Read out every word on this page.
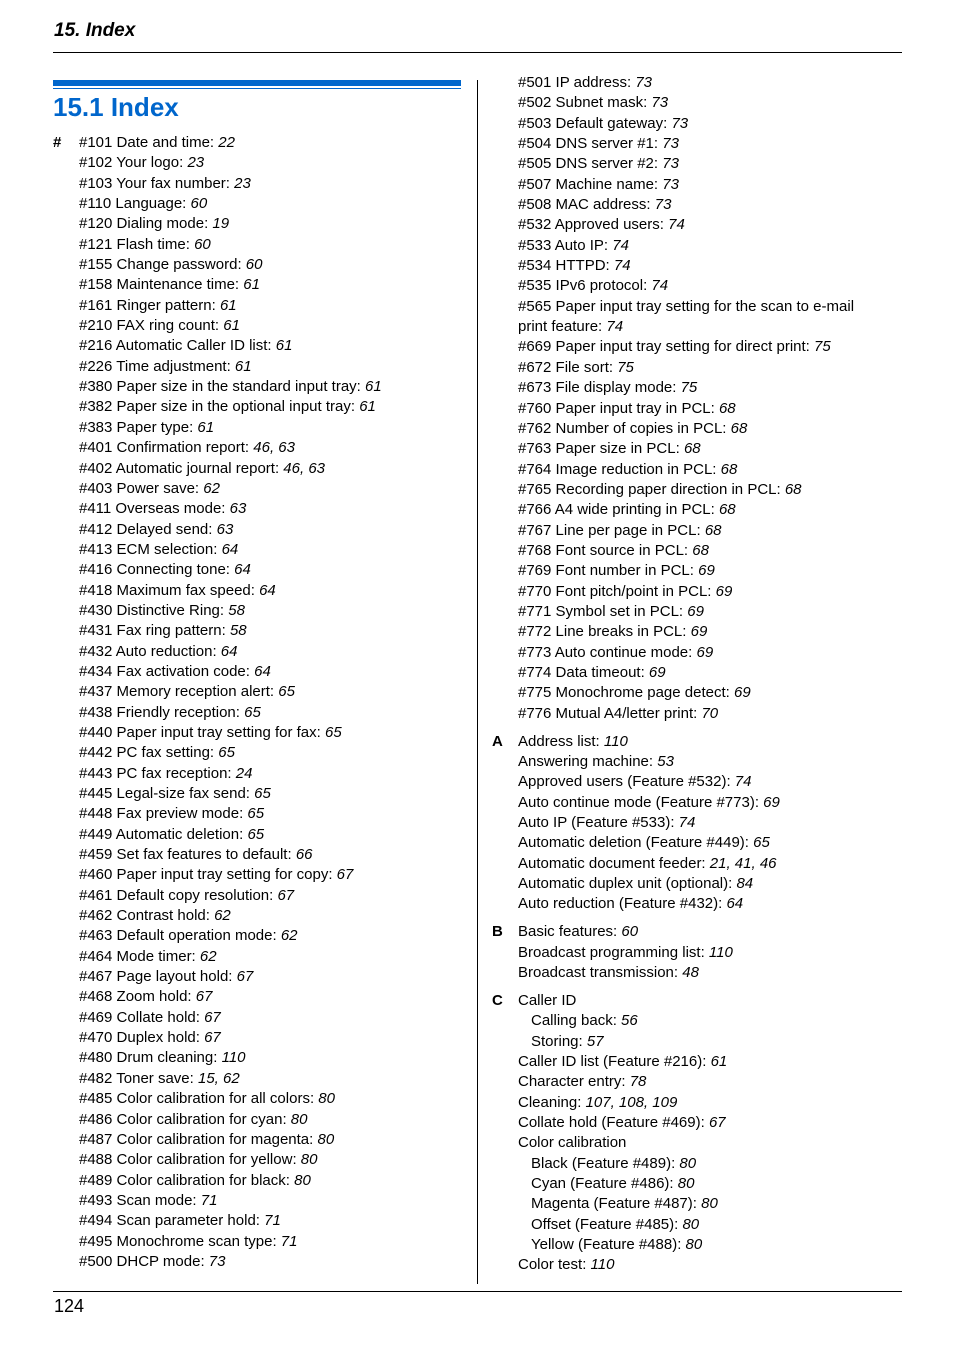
15. Index
15.1 Index
#	#101 Date and time: 22
#102 Your logo: 23
#103 Your fax number: 23
#110 Language: 60
#120 Dialing mode: 19
#121 Flash time: 60
#155 Change password: 60
#158 Maintenance time: 61
#161 Ringer pattern: 61
#210 FAX ring count: 61
#216 Automatic Caller ID list: 61
#226 Time adjustment: 61
#380 Paper size in the standard input tray: 61
#382 Paper size in the optional input tray: 61
#383 Paper type: 61
#401 Confirmation report: 46, 63
#402 Automatic journal report: 46, 63
#403 Power save: 62
#411 Overseas mode: 63
#412 Delayed send: 63
#413 ECM selection: 64
#416 Connecting tone: 64
#418 Maximum fax speed: 64
#430 Distinctive Ring: 58
#431 Fax ring pattern: 58
#432 Auto reduction: 64
#434 Fax activation code: 64
#437 Memory reception alert: 65
#438 Friendly reception: 65
#440 Paper input tray setting for fax: 65
#442 PC fax setting: 65
#443 PC fax reception: 24
#445 Legal-size fax send: 65
#448 Fax preview mode: 65
#449 Automatic deletion: 65
#459 Set fax features to default: 66
#460 Paper input tray setting for copy: 67
#461 Default copy resolution: 67
#462 Contrast hold: 62
#463 Default operation mode: 62
#464 Mode timer: 62
#467 Page layout hold: 67
#468 Zoom hold: 67
#469 Collate hold: 67
#470 Duplex hold: 67
#480 Drum cleaning: 110
#482 Toner save: 15, 62
#485 Color calibration for all colors: 80
#486 Color calibration for cyan: 80
#487 Color calibration for magenta: 80
#488 Color calibration for yellow: 80
#489 Color calibration for black: 80
#493 Scan mode: 71
#494 Scan parameter hold: 71
#495 Monochrome scan type: 71
#500 DHCP mode: 73
#501 IP address: 73
#502 Subnet mask: 73
#503 Default gateway: 73
#504 DNS server #1: 73
#505 DNS server #2: 73
#507 Machine name: 73
#508 MAC address: 73
#532 Approved users: 74
#533 Auto IP: 74
#534 HTTPD: 74
#535 IPv6 protocol: 74
#565 Paper input tray setting for the scan to e-mail
print feature: 74
#669 Paper input tray setting for direct print: 75
#672 File sort: 75
#673 File display mode: 75
#760 Paper input tray in PCL: 68
#762 Number of copies in PCL: 68
#763 Paper size in PCL: 68
#764 Image reduction in PCL: 68
#765 Recording paper direction in PCL: 68
#766 A4 wide printing in PCL: 68
#767 Line per page in PCL: 68
#768 Font source in PCL: 68
#769 Font number in PCL: 69
#770 Font pitch/point in PCL: 69
#771 Symbol set in PCL: 69
#772 Line breaks in PCL: 69
#773 Auto continue mode: 69
#774 Data timeout: 69
#775 Monochrome page detect: 69
#776 Mutual A4/letter print: 70
A	Address list: 110
Answering machine: 53
Approved users (Feature #532): 74
Auto continue mode (Feature #773): 69
Auto IP (Feature #533): 74
Automatic deletion (Feature #449): 65
Automatic document feeder: 21, 41, 46
Automatic duplex unit (optional): 84
Auto reduction (Feature #432): 64
B	Basic features: 60
Broadcast programming list: 110
Broadcast transmission: 48
C	Caller ID
Calling back: 56
Storing: 57
Caller ID list (Feature #216): 61
Character entry: 78
Cleaning: 107, 108, 109
Collate hold (Feature #469): 67
Color calibration
Black (Feature #489): 80
Cyan (Feature #486): 80
Magenta (Feature #487): 80
Offset (Feature #485): 80
Yellow (Feature #488): 80
Color test: 110
124
